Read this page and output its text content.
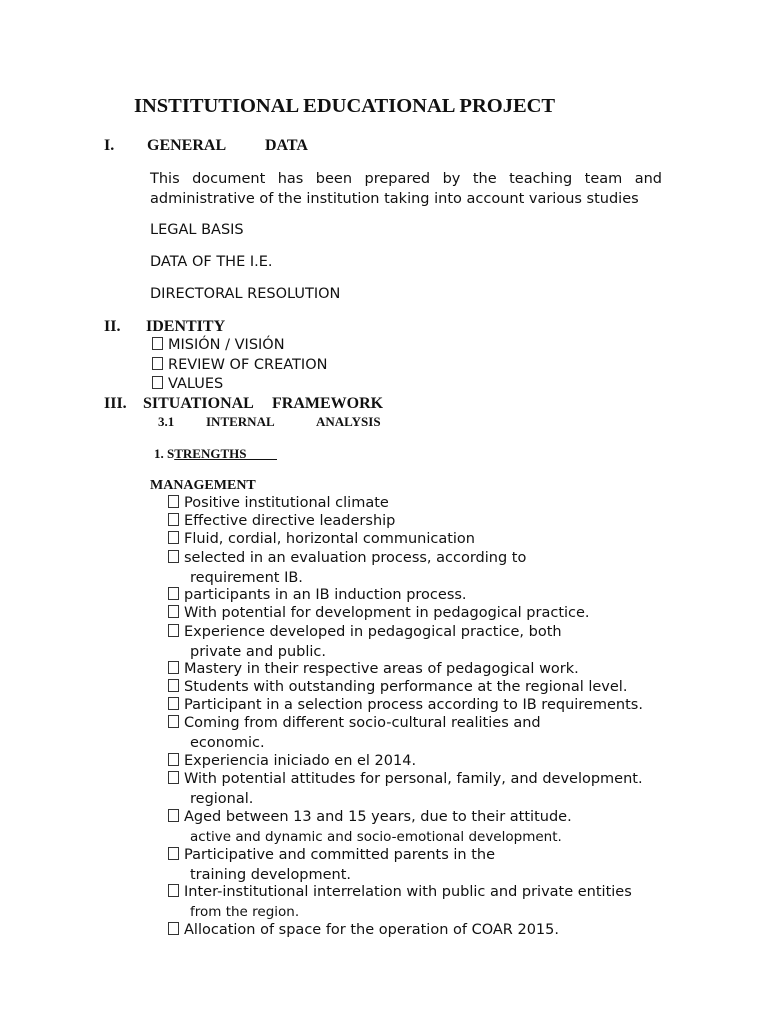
INSTITUTIONAL EDUCATIONAL PROJECT
I. GENERAL DATA
This document has been prepared by the teaching team and
administrative of the institution taking into account various studies
LEGAL BASIS
DATA OF THE I.E.
DIRECTORAL RESOLUTION
II. IDENTITY
MISIÓN / VISIÓN
REVIEW OF CREATION
VALUES
III. SITUATIONAL FRAMEWORK
3.1 INTERNAL	ANALYSIS
1. STRENGTHS
MANAGEMENT
Positive institutional climate
Effective directive leadership
Fluid, cordial, horizontal communication
selected in an evaluation process, according to
requirement IB.
participants in an IB induction process.
With potential for development in pedagogical practice.
Experience developed in pedagogical practice, both
private and public.
Mastery in their respective areas of pedagogical work.
Students with outstanding performance at the regional level.
Participant in a selection process according to IB requirements.
Coming from different socio-cultural realities and
economic.
Experiencia iniciado en el 2014.
With potential attitudes for personal, family, and development.
regional.
Aged between 13 and 15 years, due to their attitude.
active and dynamic and socio-emotional development.
Participative and committed parents in the
training development.
Inter-institutional interrelation with public and private entities
from the region.
Allocation of space for the operation of COAR 2015.
